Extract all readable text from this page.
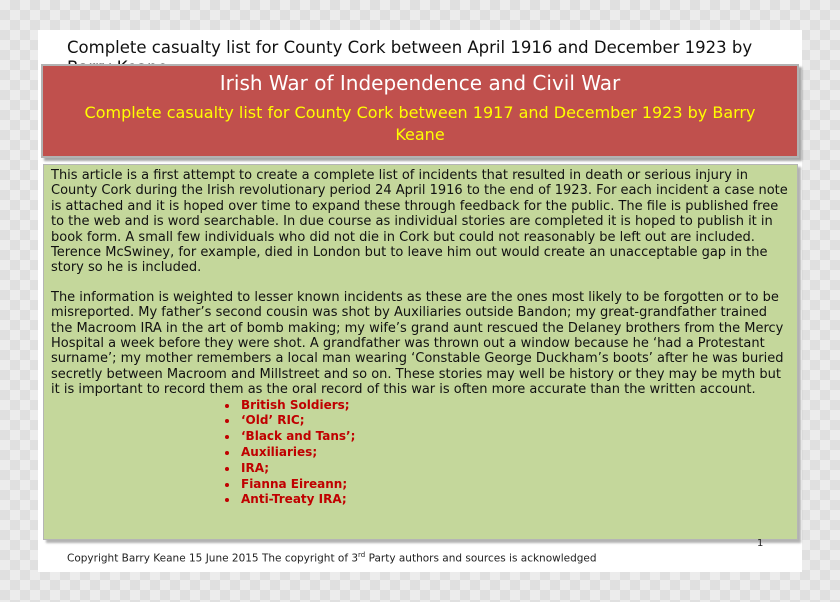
Complete casualty list for County Cork between April 1916 and December 1923 by
Irish War of Independence and Civil War
Complete casualty list for County Cork between 1917 and December 1923 by Barry Keane

This article is a first attempt to create a complete list of incidents that resulted in death or serious injury in County Cork during the Irish revolutionary period 24 April 1916 to the end of 1923. For each incident a case note is attached and it is hoped over time to expand these through feedback for the public. The file is published free to the web and is word searchable. In due course as individual stories are completed it is hoped to publish it in book form. A small few individuals who did not die in Cork but could not reasonably be left out are included. Terence McSwiney, for example, died in London but to leave him out would create an unacceptable gap in the story so he is included.

The information is weighted to lesser known incidents as these are the ones most likely to be forgotten or to be misreported. My father’s second cousin was shot by Auxiliaries outside Bandon; my great-grandfather trained the Macroom IRA in the art of bomb making; my wife’s grand aunt rescued the Delaney brothers from the Mercy Hospital a week before they were shot. A grandfather was thrown out a window because he ‘had a Protestant surname’; my mother remembers a local man wearing ‘Constable George Duckham’s boots’ after he was buried secretly between Macroom and Millstreet and so on. These stories may well be history or they may be myth but it is important to record them as the oral record of this war is often more accurate than the written account.

• British Soldiers;
• ‘Old’ RIC;
• ‘Black and Tans’;
• Auxiliaries;
• IRA;
• Fianna Eireann;
• Anti-Treaty IRA;
1

Copyright Barry Keane 15 June 2015 The copyright of 3rd Party authors and sources is acknowledged
